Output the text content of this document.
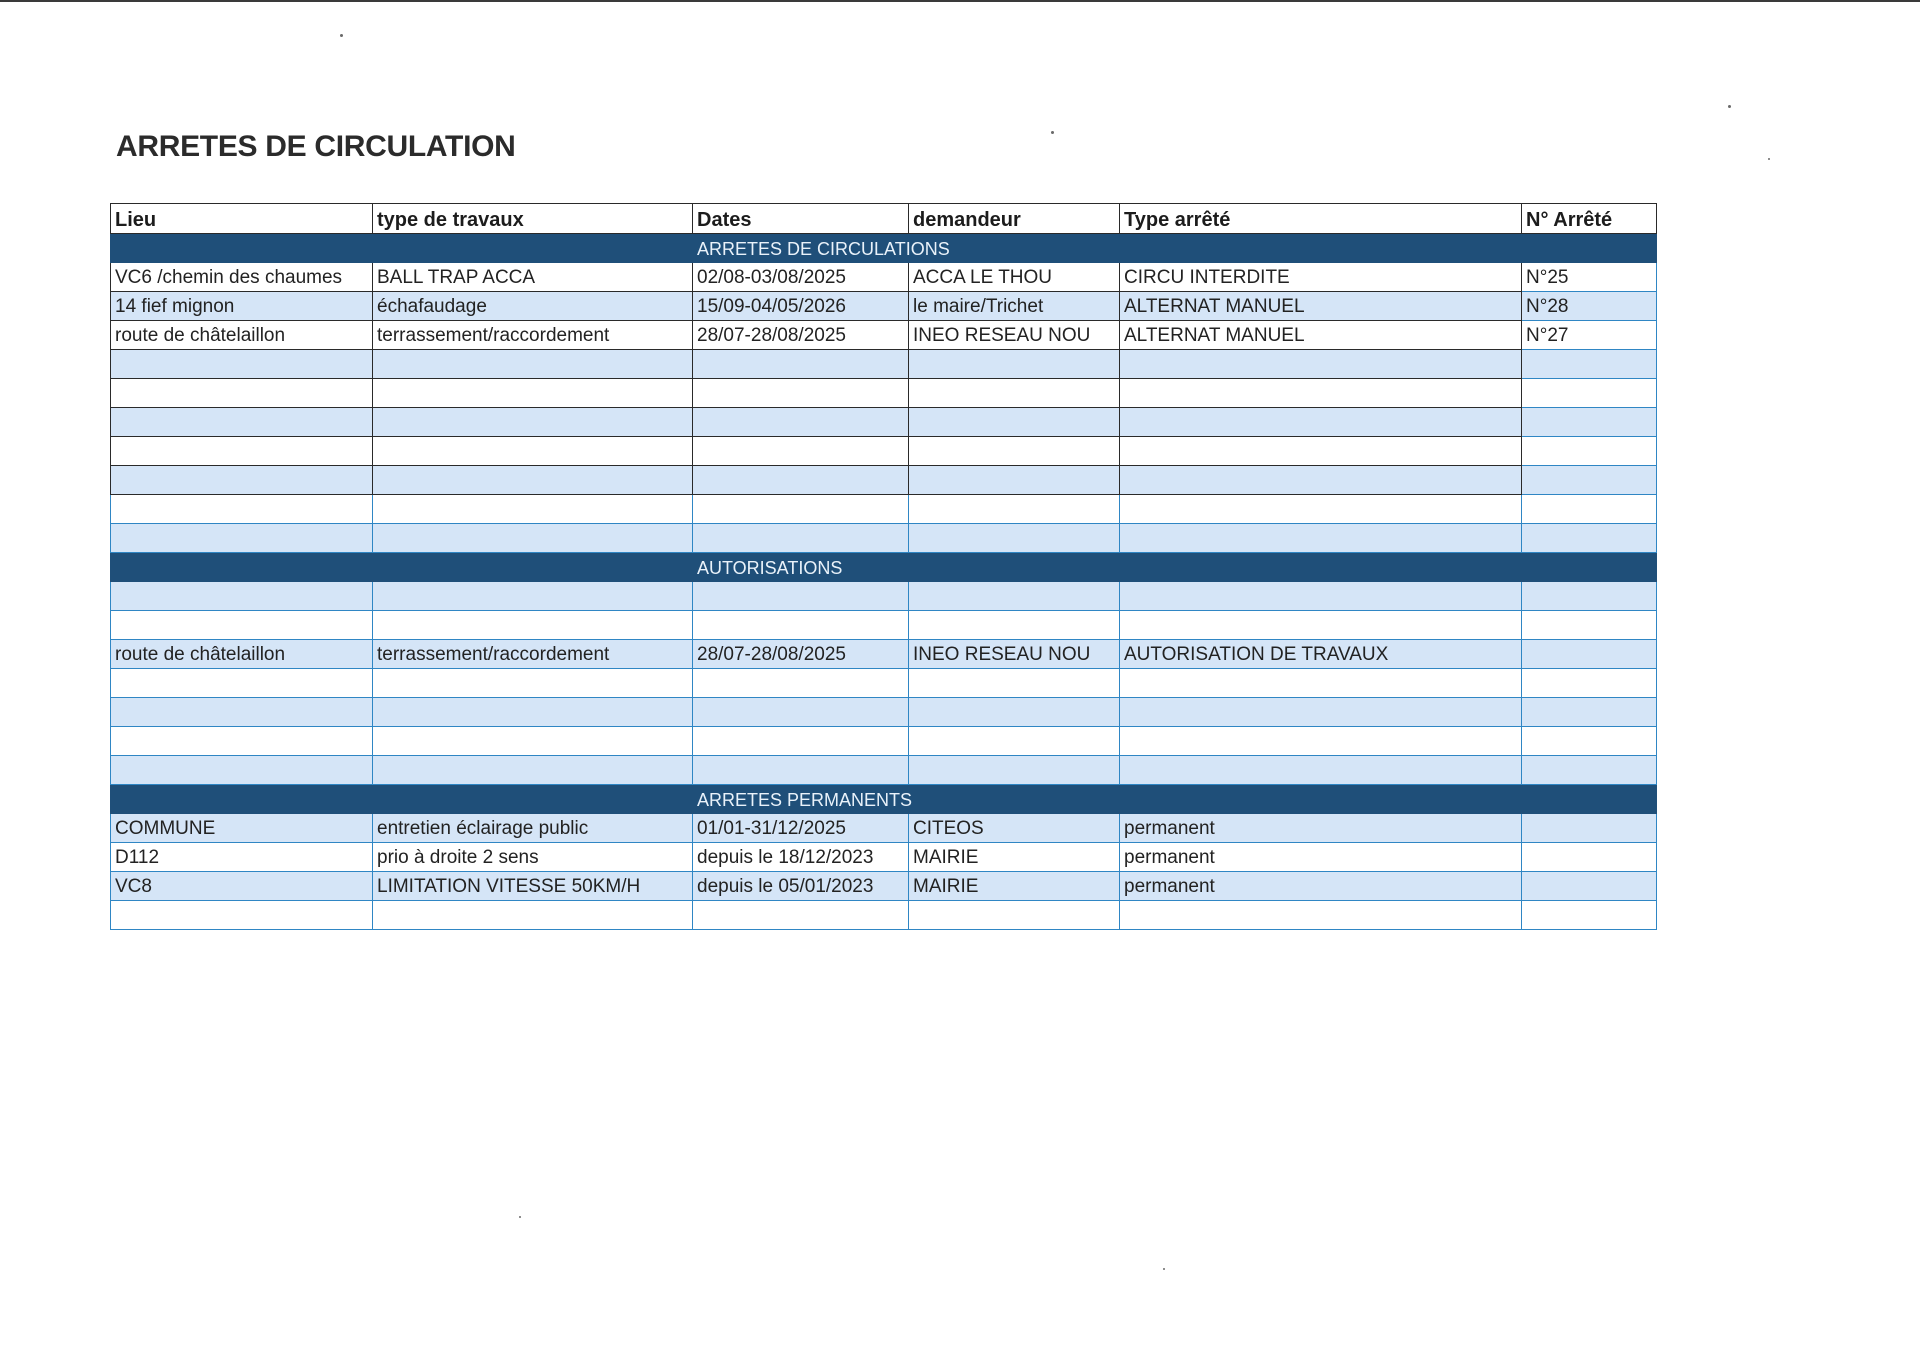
ARRETES DE CIRCULATION
Lieu	type de travaux	Dates	demandeur	Type arrêté	N° Arrêté
		ARRETES DE CIRCULATIONS			
VC6 /chemin des chaumes	BALL TRAP ACCA	02/08-03/08/2025	ACCA LE THOU	CIRCU INTERDITE	N°25
14 fief mignon	échafaudage	15/09-04/05/2026	le maire/Trichet	ALTERNAT MANUEL	N°28
route de châtelaillon	terrassement/raccordement	28/07-28/08/2025	INEO RESEAU NOU	ALTERNAT MANUEL	N°27

		AUTORISATIONS			

route de châtelaillon	terrassement/raccordement	28/07-28/08/2025	INEO RESEAU NOU	AUTORISATION DE TRAVAUX	

		ARRETES PERMANENTS			
COMMUNE	entretien éclairage public	01/01-31/12/2025	CITEOS	permanent	
D112	prio à droite 2 sens	depuis le 18/12/2023	MAIRIE	permanent	
VC8	LIMITATION VITESSE 50KM/H	depuis le 05/01/2023	MAIRIE	permanent	
